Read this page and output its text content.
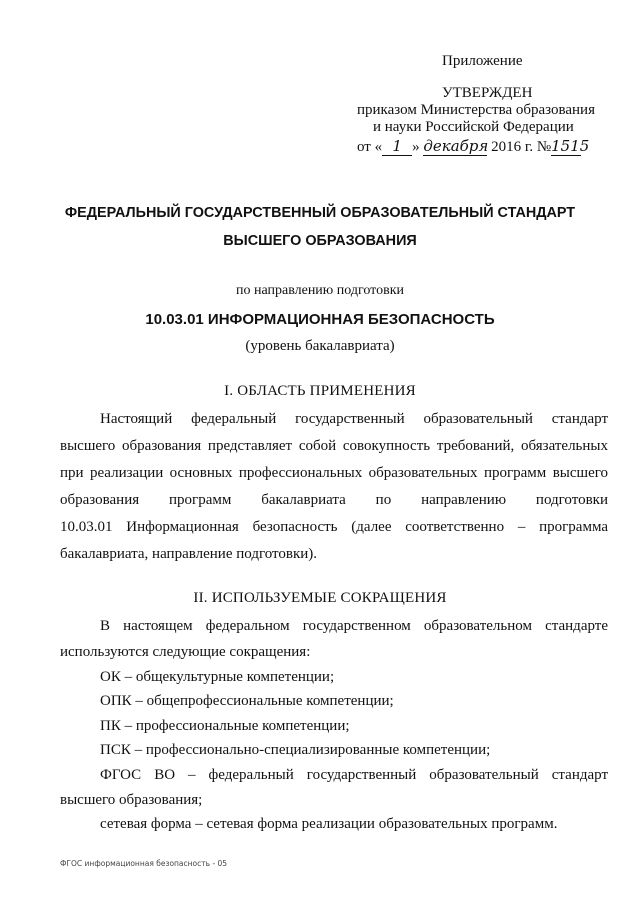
Приложение
УТВЕРЖДЕН
приказом Министерства образования
и науки Российской Федерации
от « 1 » декабря 2016 г. №1515
ФЕДЕРАЛЬНЫЙ ГОСУДАРСТВЕННЫЙ ОБРАЗОВАТЕЛЬНЫЙ СТАНДАРТ
ВЫСШЕГО ОБРАЗОВАНИЯ
по направлению подготовки
10.03.01 ИНФОРМАЦИОННАЯ БЕЗОПАСНОСТЬ
(уровень бакалавриата)
I. ОБЛАСТЬ ПРИМЕНЕНИЯ
Настоящий федеральный государственный образовательный стандарт
высшего образования представляет собой совокупность требований, обязательных
при реализации основных профессиональных образовательных программ высшего
образования программ бакалавриата по направлению подготовки
10.03.01 Информационная безопасность (далее соответственно – программа
бакалавриата, направление подготовки).
II. ИСПОЛЬЗУЕМЫЕ СОКРАЩЕНИЯ
В настоящем федеральном государственном образовательном стандарте
используются следующие сокращения:
ОК – общекультурные компетенции;
ОПК – общепрофессиональные компетенции;
ПК – профессиональные компетенции;
ПСК – профессионально-специализированные компетенции;
ФГОС ВО – федеральный государственный образовательный стандарт
высшего образования;
сетевая форма – сетевая форма реализации образовательных программ.
ФГОС информационная безопасность - 05
